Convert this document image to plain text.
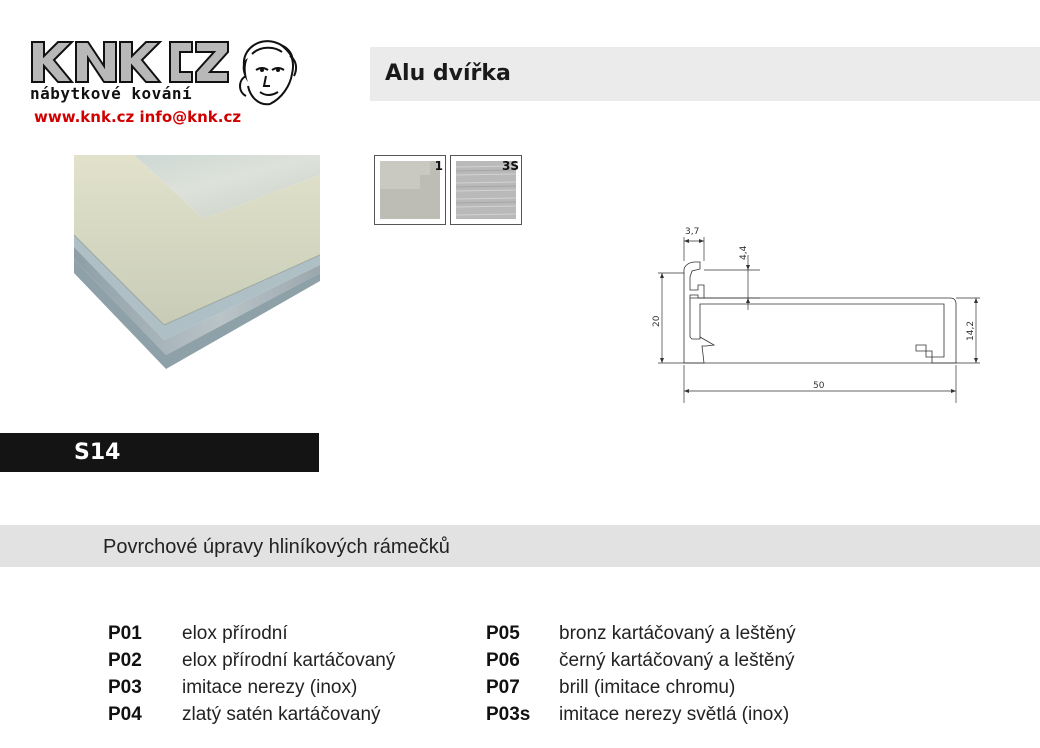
nábytkové kování
www.knk.cz info@knk.cz
Alu dvířka
S14
1	3S
3,7
4,4
20	14,2
50
Povrchové úpravy hliníkových rámečků
P01 elox přírodní
P02 elox přírodní kartáčovaný
P03 imitace nerezy (inox)
P04 zlatý satén kartáčovaný
P05 bronz kartáčovaný a leštěný
P06 černý kartáčovaný a leštěný
P07 brill (imitace chromu)
P03s imitace nerezy světlá (inox)
